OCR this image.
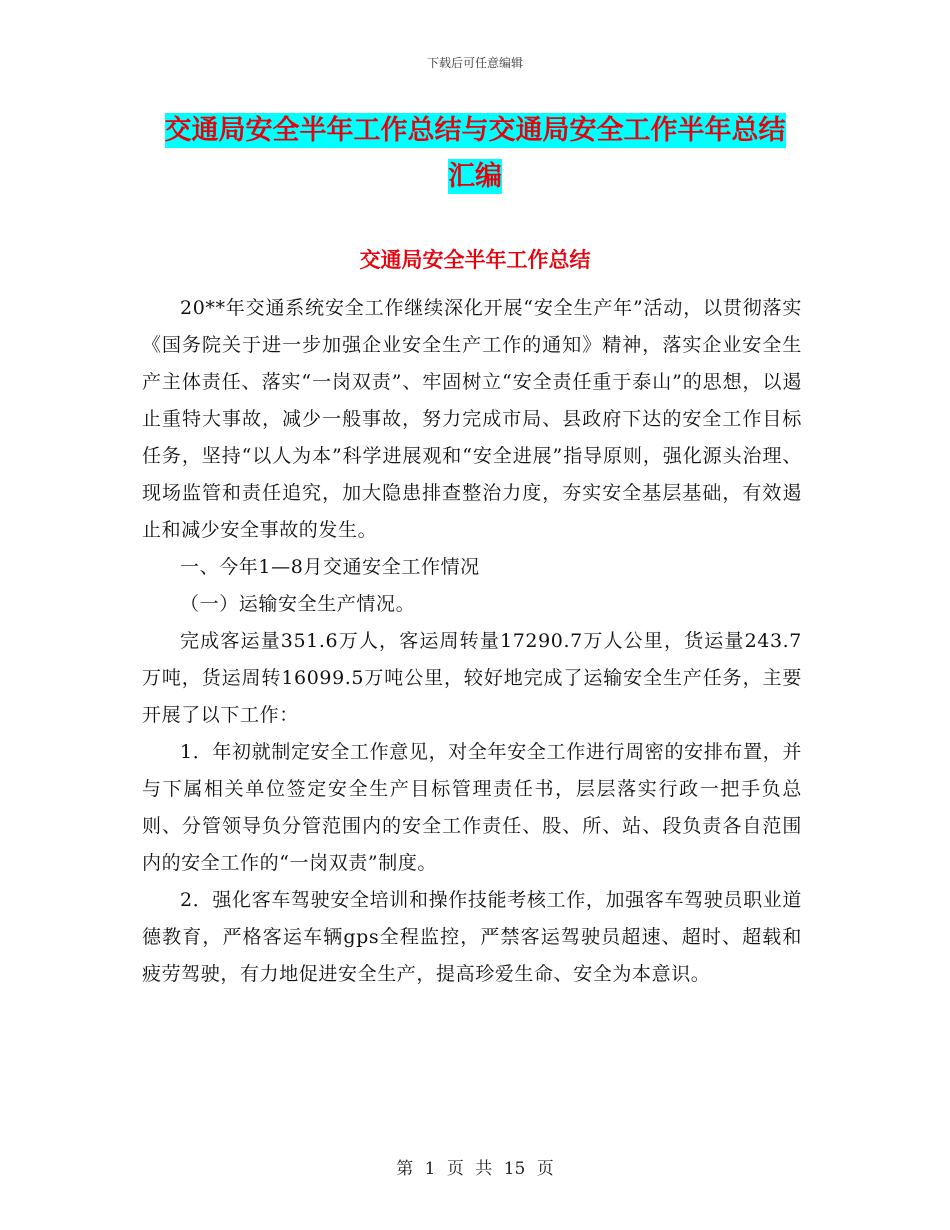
下载后可任意编辑
交通局安全半年工作总结与交通局安全工作半年总结
汇编
交通局安全半年工作总结

20**年交通系统安全工作继续深化开展“安全生产年”活动，以贯彻落实《国务院关于进一步加强企业安全生产工作的通知》精神，落实企业安全生产主体责任、落实“一岗双责”、牢固树立“安全责任重于泰山”的思想，以遏止重特大事故，减少一般事故，努力完成市局、县政府下达的安全工作目标任务，坚持“以人为本”科学进展观和“安全进展”指导原则，强化源头治理、现场监管和责任追究，加大隐患排查整治力度，夯实安全基层基础，有效遏止和减少安全事故的发生。

一、今年1—8月交通安全工作情况

（一）运输安全生产情况。

完成客运量351.6万人，客运周转量17290.7万人公里，货运量243.7万吨，货运周转16099.5万吨公里，较好地完成了运输安全生产任务，主要开展了以下工作：

1．年初就制定安全工作意见，对全年安全工作进行周密的安排布置，并与下属相关单位签定安全生产目标管理责任书，层层落实行政一把手负总则、分管领导负分管范围内的安全工作责任、股、所、站、段负责各自范围内的安全工作的“一岗双责”制度。

2．强化客车驾驶安全培训和操作技能考核工作，加强客车驾驶员职业道德教育，严格客运车辆gps全程监控，严禁客运驾驶员超速、超时、超载和疲劳驾驶，有力地促进安全生产，提高珍爱生命、安全为本意识。

第 1 页 共 15 页
